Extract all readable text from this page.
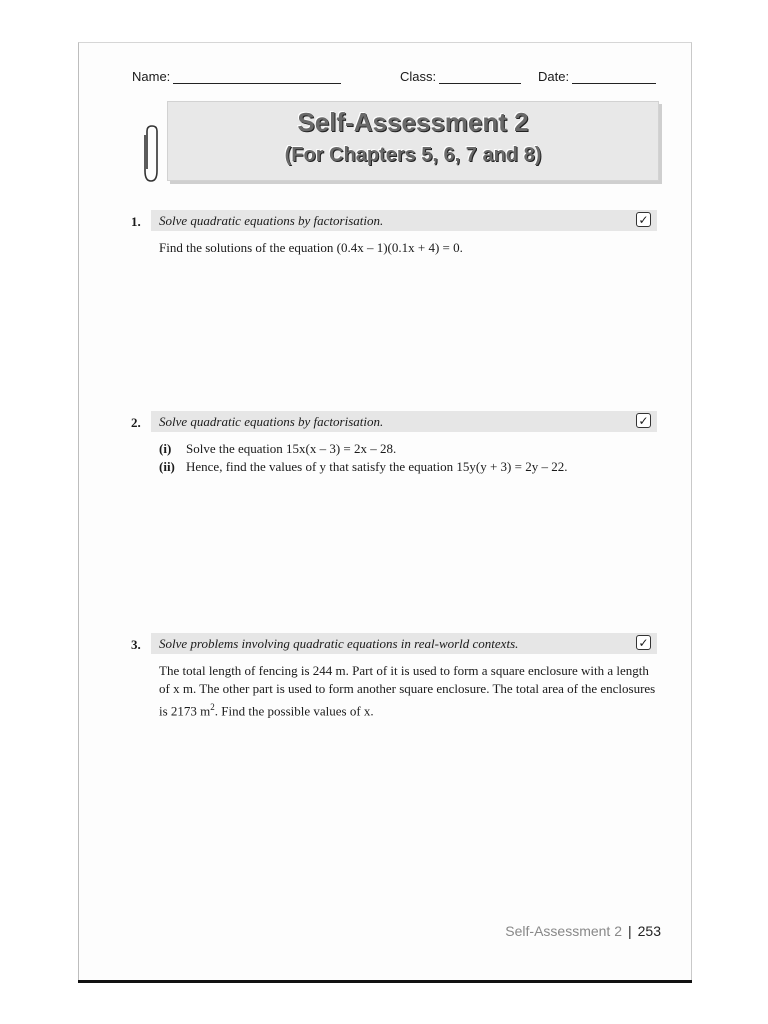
Name:	Class:	Date:
Self-Assessment 2
(For Chapters 5, 6, 7 and 8)
1.	Solve quadratic equations by factorisation.	✓
Find the solutions of the equation (0.4x – 1)(0.1x + 4) = 0.
2.	Solve quadratic equations by factorisation.	✓
(i)	Solve the equation 15x(x – 3) = 2x – 28.
(ii) Hence, find the values of y that satisfy the equation 15y(y + 3) = 2y – 22.
3.	Solve problems involving quadratic equations in real-world contexts.	✓
The total length of fencing is 244 m. Part of it is used to form a square enclosure with a length of x m. The other part is used to form another square enclosure. The total area of the enclosures is 2173 $m^2$. Find the possible values of x.
Self-Assessment 2 | 253
